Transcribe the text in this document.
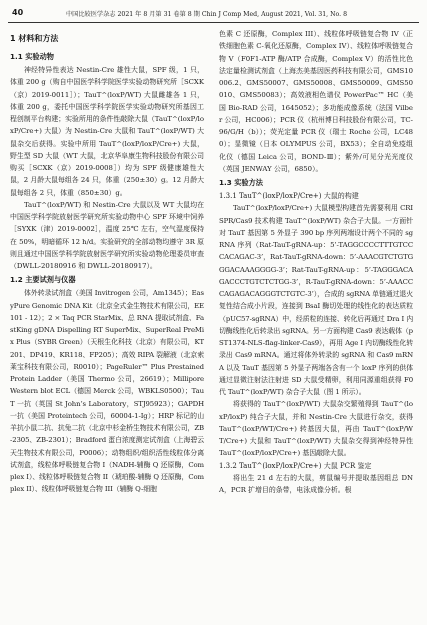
40	中国比较医学杂志 2021 年 8 月第 31 卷第 8 期 Chin J Comp Med, August 2021, Vol. 31, No. 8
1 材料和方法
1.1 实验动物

神经特异性表达 Nestin-Cre 雄性大鼠，SPF 级，1 只，体重 200 g（购自中国医学科学院医学实验动物研究所［SCXK（京）2019-0011］）；TauT^(loxP/WT) 大鼠雌雄各 1 只，体重 200 g，委托中国医学科学院医学实验动物研究所基因工程创制平台构建；实验所用的条件性敲除大鼠（TauT^(loxP/loxP/Cre+) 大鼠）为 Nestin-Cre 大鼠和 TauT^(loxP/WT) 大鼠杂交后获得。实验中所用 TauT^(loxP/loxP/Cre+) 大鼠，野生型 SD 大鼠（WT 大鼠，北京华阜康生物科技股份有限公司购买［SCXK（京）2019-0008］）均为 SPF 级健康雄性大鼠，2 月龄大鼠每组各 24 只，体重（250±30）g。12 月龄大鼠每组各 2 只，体重（850±30）g。

TauT^(loxP/WT) 和 Nestin-Cre 大鼠以及 WT 大鼠均在中国医学科学院放射医学研究所实验动物中心 SPF 环境中饲养［SYXK（津）2019-0002］，温度 25℃ 左右，空气湿度保持在 50%，明暗循环 12 h/d。实验研究的全部动物均遵守 3R 原则且通过中国医学科学院放射医学研究所实验动物伦理委员审查（DWLL-20180916 和 DWLL-20180917）。

1.2 主要试剂与仪器

体外转录试剂盒（美国 Invitrogen 公司，Am1345）；EasyPure Genomic DNA Kit（北京全式金生物技术有限公司，EE101 - 12）；2 × Taq PCR StarMix、总 RNA 提取试剂盒、FastKing gDNA Dispelling RT SuperMix、SuperReal PreMix Plus（SYBR Green）（天根生化科技（北京）有限公司，KT201、DP419、KR118、FP205）；高效 RIPA 裂解液（北京索莱宝科技有限公司，R0010）；PageRuler™ Plus Prestained Protein Ladder（美国 Thermo 公司，26619）；Millipore Western blot ECL（德国 Merck 公司，WBKLS0500）；TauT 一抗（英国 St John’s Laboratory，STJ95923）；GAPDH 一抗（美国 Proteintech 公司，60004-1-Ig）；HRP 标记的山羊抗小鼠二抗、抗兔二抗（北京中杉金桥生物技术有限公司，ZB-2305、ZB-2301）；Bradford 蛋白浓度测定试剂盒（上海碧云天生物技术有限公司，P0006）；动物组织/组织活性线粒体分离试剂盒，线粒体呼吸链复合物 I（NADH-辅酶 Q 还原酶，Complex I）、线粒体呼吸链复合物 II（琥珀酸-辅酶 Q 还原酶，Complex II）、线粒体呼吸链复合物 III（辅酶 Q-细胞

色素 C 还原酶，Complex III）、线粒体呼吸链复合物 IV（正铁细胞色素 C-氧化还原酶，Complex IV）、线粒体呼吸链复合物 V（F0F1-ATP 酶/ATP 合成酶，Complex V）的活性比色法定量检测试剂盒（上海杰美基因医药科技有限公司，GMS10006.2、GMS50007、GMS50008、GMS50009、GMS50010、GMS50083）；高效液相色谱仪 PowerPac™ HC（美国 Bio-RAD 公司，1645052）；多功能成像系统（法国 Vilber 公司，HC006）；PCR 仪（杭州博日科技股份有限公司，TC-96/G/H（b））；荧光定量 PCR 仪（瑞士 Roche 公司，LC480）；显微镜（日本 OLYMPUS 公司，BX53）；全自动免疫组化仪（德国 Leica 公司，BOND-Ⅲ）；紫外/可见分光光度仪（英国 JENWAY 公司，6850）。

1.3 实验方法
1.3.1 TauT^(loxP/loxP/Cre+) 大鼠的构建

TauT^(loxP/loxP/Cre+) 大鼠模型构建首先需要利用 CRISPR/Cas9 技术构建 TauT^(loxP/WT) 杂合子大鼠。一方面针对 TauT 基因第 5 外显子 390 bp 序列两端设计两个不同的 sgRNA 序列（Rat-TauT-gRNA-up：5’-TAGGCCCCTTTGTCCCACAGAC-3’，Rat-TauT-gRNA-down：5’-AAACGTCTGTGGGACAAAGGGG-3’；Rat-TauT-gRNA-up：5’-TAGGGACAGACCCTGTCTCTGG-3’，R-TauT-gRNA-down：5’-AAACCCAGAGACAGGGTCTGTC-3’），合成的 sgRNA 单链通过退火复性结合成小片段，连接到 BsaI 酶切处理的线性化的表达质粒（pUC57-sgRNA）中，经质粒的连接、转化后再通过 Dra I 内切酶线性化后转录出 sgRNA。另一方面构建 Cas9 表达载体（pST1374-NLS-flag-linker-Cas9），再用 Age I 内切酶线性化转录出 Cas9 mRNA。通过将体外转录的 sgRNA 和 Cas9 mRNA 以及 TauT 基因第 5 外显子两端各含有一个 loxP 序列的供体通过显微注射法注射进 SD 大鼠受精卵，利用同源重组获得 F0 代 TauT^(loxP/WT) 杂合子大鼠（图 1 所示）。

将获得的 TauT^(loxP/WT) 大鼠杂交繁殖得到 TauT^(loxP/loxP) 纯合子大鼠，并和 Nestin-Cre 大鼠进行杂交，获得 TauT^(loxP/WT/Cre+) 转基因大鼠，再由 TauT^(loxP/WT/Cre+) 大鼠和 TauT^(loxP/WT) 大鼠杂交得到神经特异性 TauT^(loxP/loxP/Cre+) 基因敲除大鼠。

1.3.2 TauT^(loxP/loxP/Cre+) 大鼠 PCR 鉴定

将出生 21 d 左右的大鼠，剪鼠编号并提取基因组总 DNA，PCR 扩增目的条带，电泳成像分析。根
